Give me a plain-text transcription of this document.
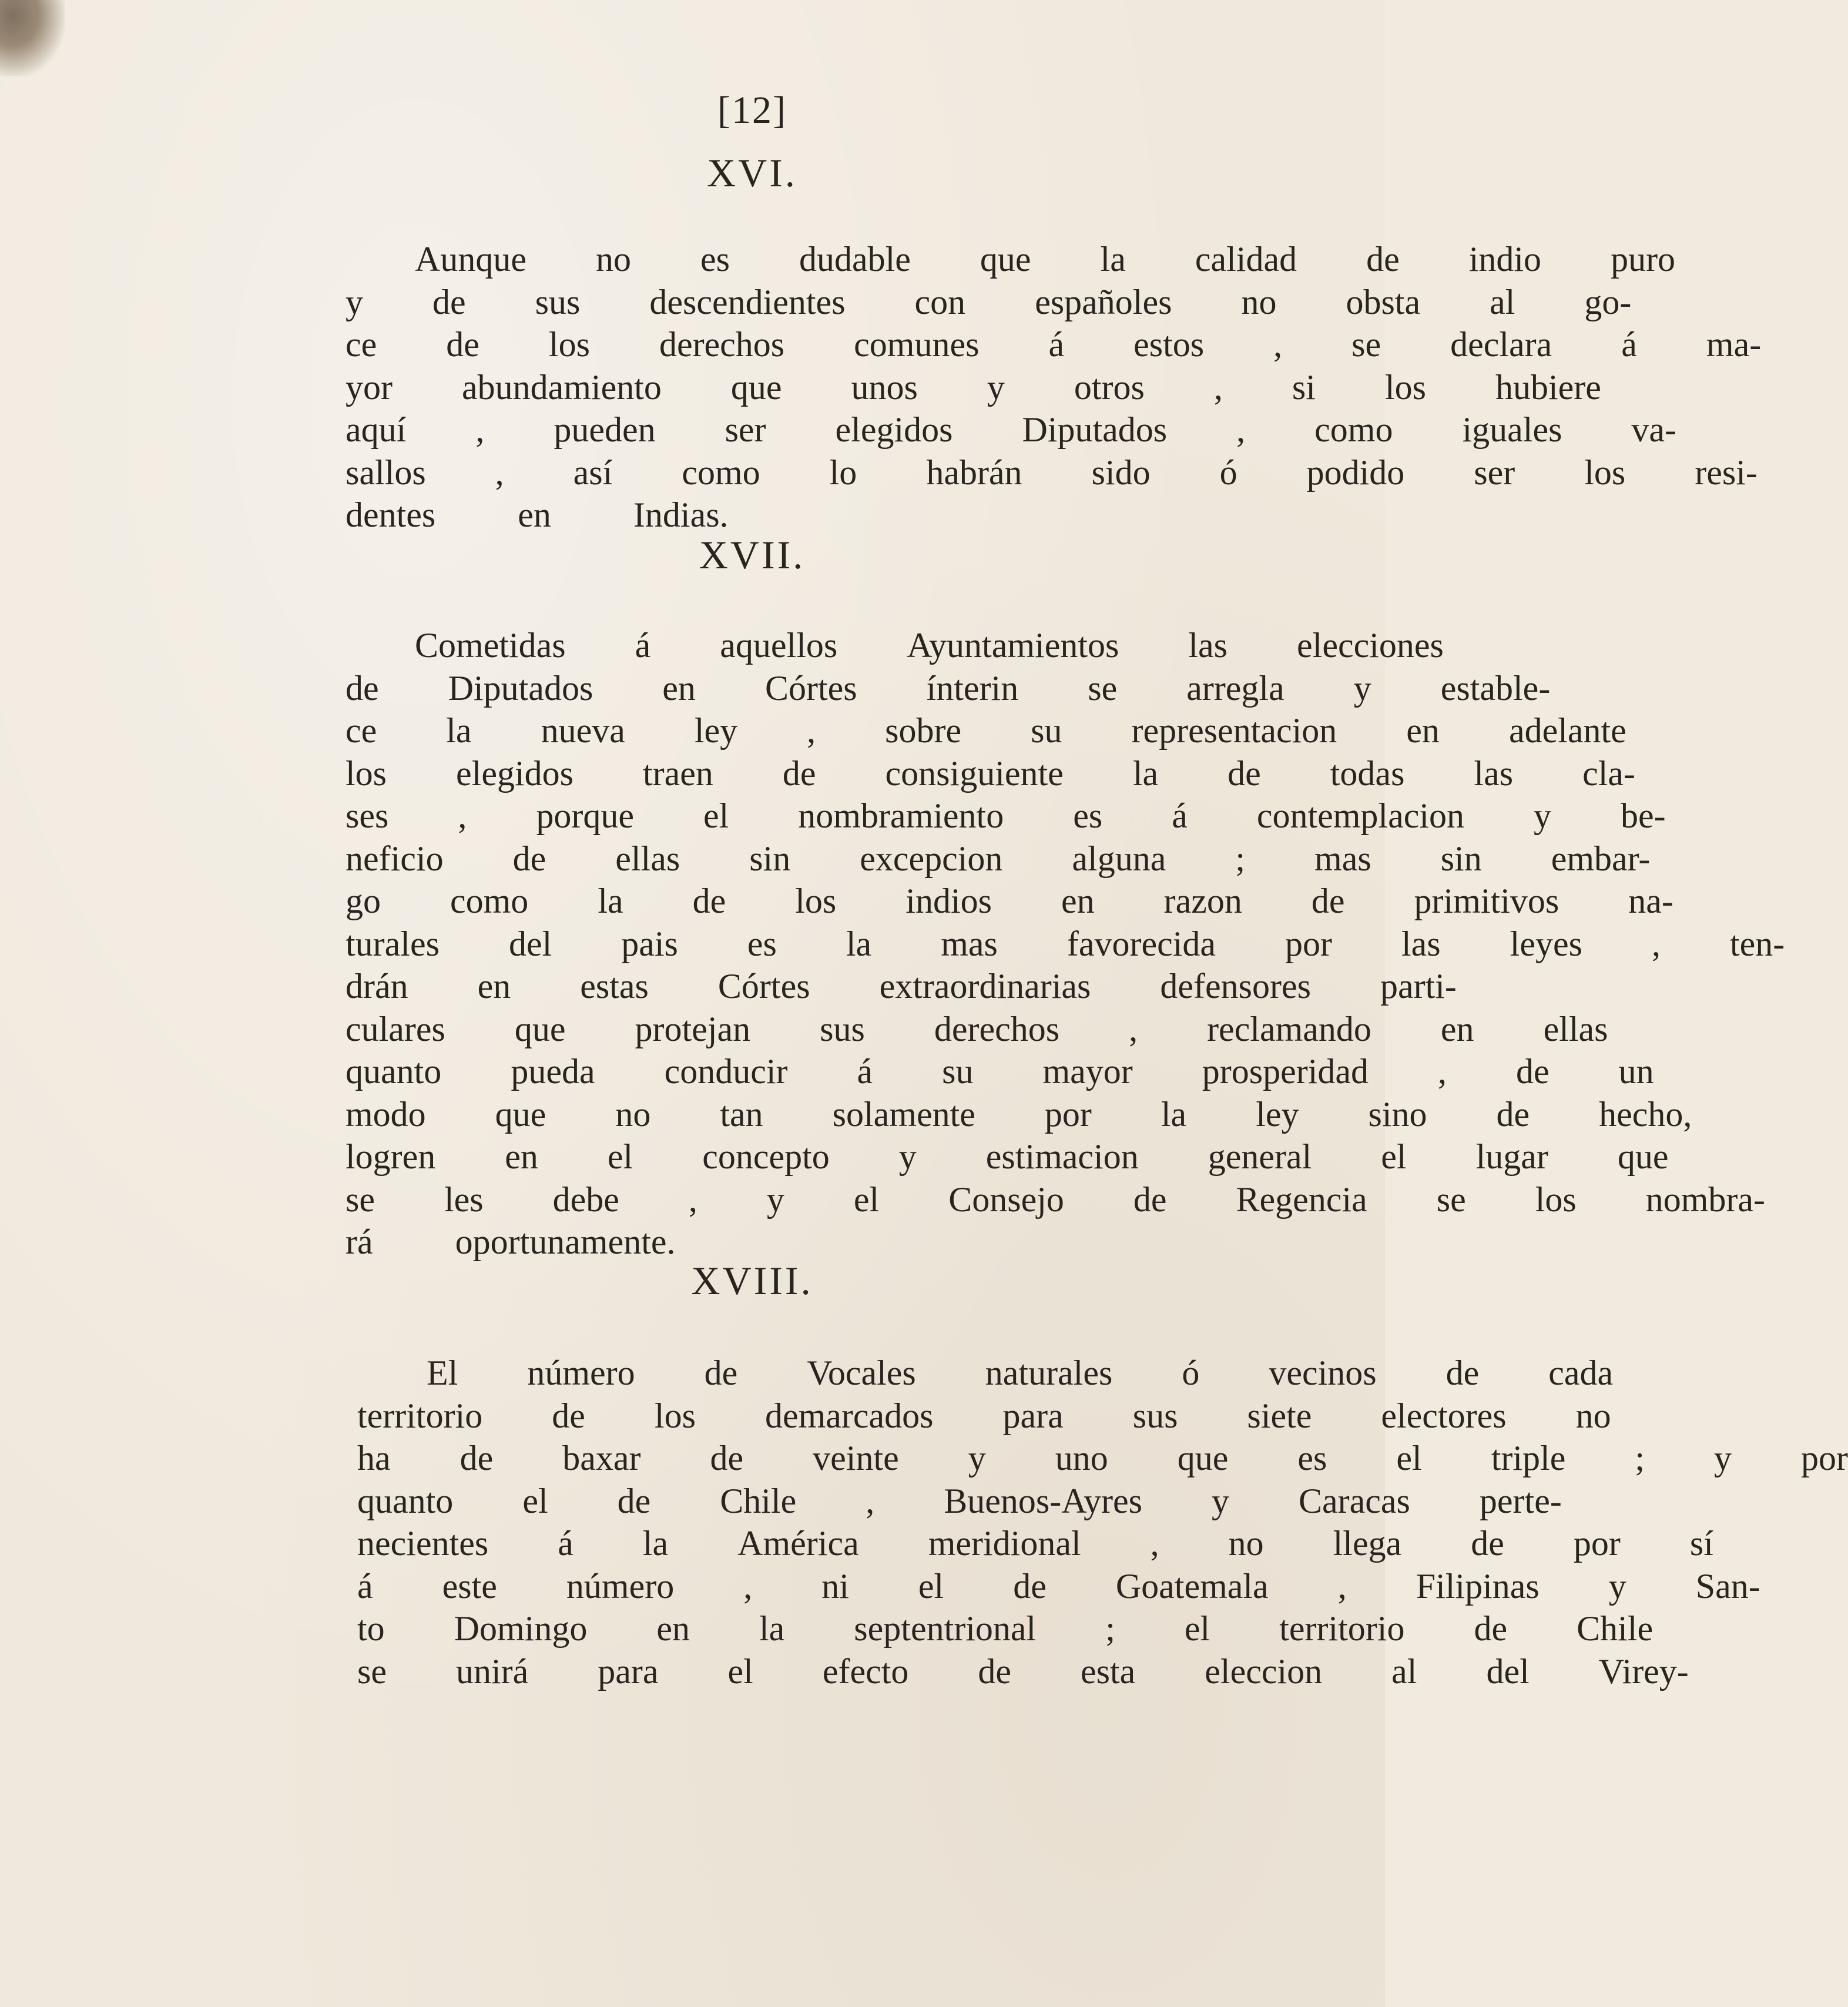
[12]
XVI.
Aunque	no	es	dudable	que	la	calidad	de	indio	puro
y	de	sus	descendientes	con	españoles	no	obsta	al	go-
ce	de	los	derechos	comunes	á	estos	,	se	declara	á	ma-
yor	abundamiento	que	unos	y	otros	,	si	los	hubiere
aquí	,	pueden	ser	elegidos	Diputados	,	como	iguales	va-
sallos	,	así	como	lo	habrán	sido	ó	podido	ser	los	resi-
dentes	en	Indias.
XVII.
Cometidas	á	aquellos	Ayuntamientos	las	elecciones
de	Diputados	en	Córtes	ínterin	se	arregla	y	estable-
ce	la	nueva	ley	,	sobre	su	representacion	en	adelante
los	elegidos	traen	de	consiguiente	la	de	todas	las	cla-
ses	,	porque	el	nombramiento	es	á	contemplacion	y	be-
neficio	de	ellas	sin	excepcion	alguna	;	mas	sin	embar-
go	como	la	de	los	indios	en	razon	de	primitivos	na-
turales	del	pais	es	la	mas	favorecida	por	las	leyes	,	ten-
drán	en	estas	Córtes	extraordinarias	defensores	parti-
culares	que	protejan	sus	derechos	,	reclamando	en	ellas
quanto	pueda	conducir	á	su	mayor	prosperidad	,	de	un
modo	que	no	tan	solamente	por	la	ley	sino	de	hecho,
logren	en	el	concepto	y	estimacion	general	el	lugar	que
se	les	debe	,	y	el	Consejo	de	Regencia	se	los	nombra-
rá	oportunamente.
XVIII.
El	número	de	Vocales	naturales	ó	vecinos	de	cada
territorio	de	los	demarcados	para	sus	siete	electores	no
ha	de	baxar	de	veinte	y	uno	que	es	el	triple	;	y	por
quanto	el	de	Chile	,	Buenos-Ayres	y	Caracas	perte-
necientes	á	la	América	meridional	,	no	llega	de	por	sí
á	este	número	,	ni	el	de	Goatemala	,	Filipinas	y	San-
to	Domingo	en	la	septentrional	;	el	territorio	de	Chile
se	unirá	para	el	efecto	de	esta	eleccion	al	del	Virey-
